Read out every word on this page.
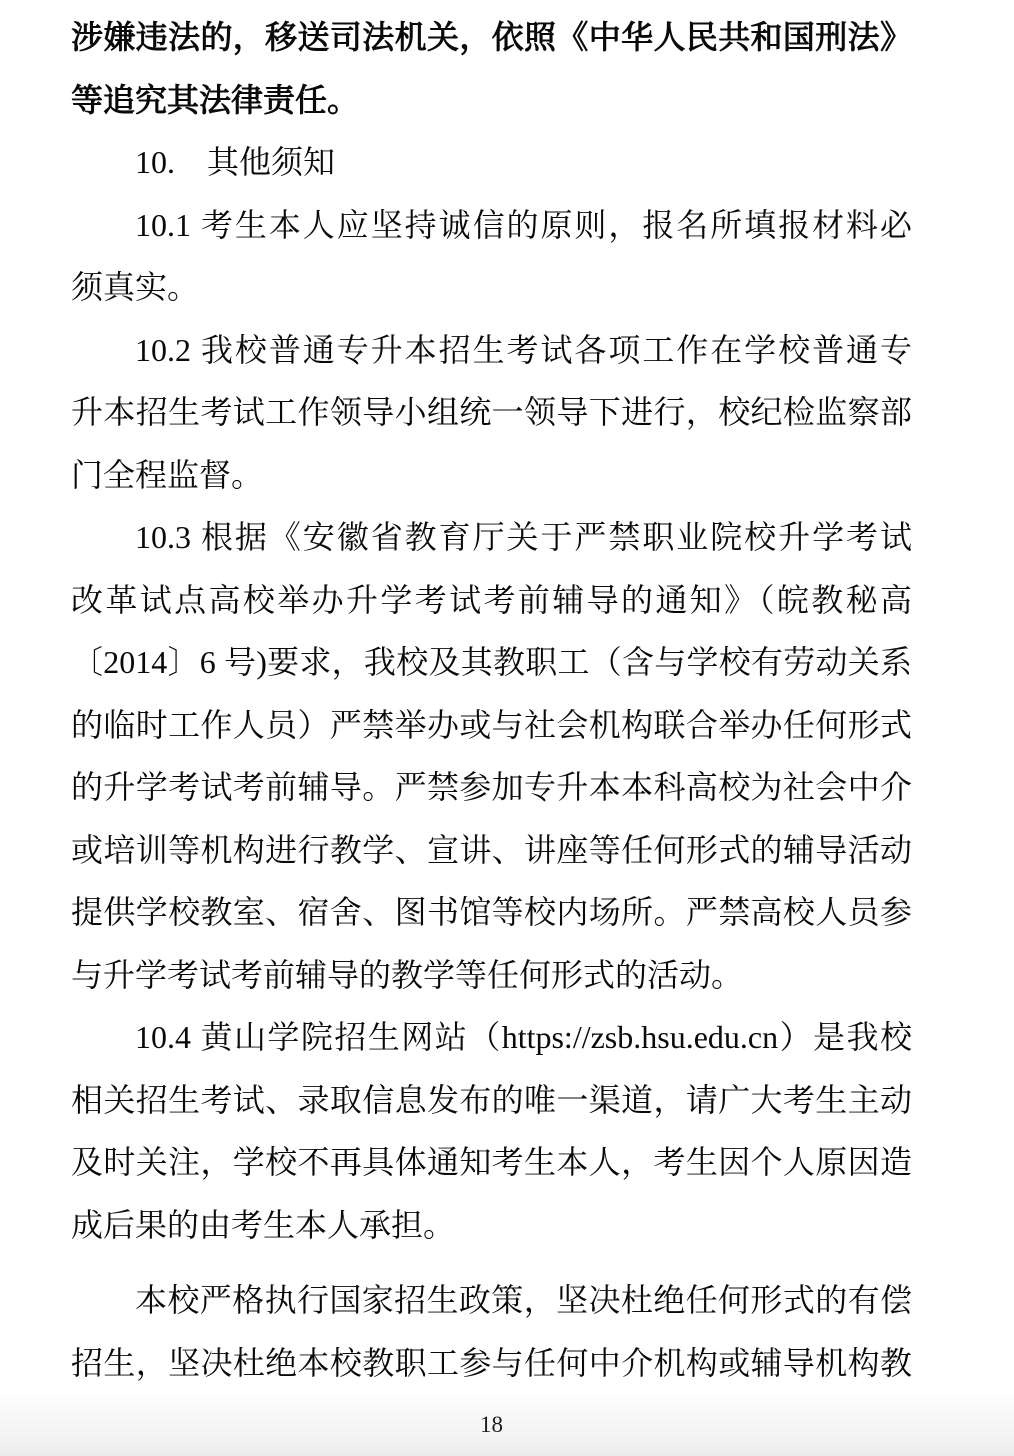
涉嫌违法的，移送司法机关，依照《中华人民共和国刑法》
等追究其法律责任。
10.　其他须知
10.1 考生本人应坚持诚信的原则，报名所填报材料必
须真实。
10.2 我校普通专升本招生考试各项工作在学校普通专
升本招生考试工作领导小组统一领导下进行，校纪检监察部
门全程监督。
10.3 根据《安徽省教育厅关于严禁职业院校升学考试
改革试点高校举办升学考试考前辅导的通知》（皖教秘高
〔2014〕6 号)要求，我校及其教职工（含与学校有劳动关系
的临时工作人员）严禁举办或与社会机构联合举办任何形式
的升学考试考前辅导。严禁参加专升本本科高校为社会中介
或培训等机构进行教学、宣讲、讲座等任何形式的辅导活动
提供学校教室、宿舍、图书馆等校内场所。严禁高校人员参
与升学考试考前辅导的教学等任何形式的活动。
10.4 黄山学院招生网站（https://zsb.hsu.edu.cn）是我校
相关招生考试、录取信息发布的唯一渠道，请广大考生主动
及时关注，学校不再具体通知考生本人，考生因个人原因造
成后果的由考生本人承担。
本校严格执行国家招生政策，坚决杜绝任何形式的有偿
招生，坚决杜绝本校教职工参与任何中介机构或辅导机构教
18
